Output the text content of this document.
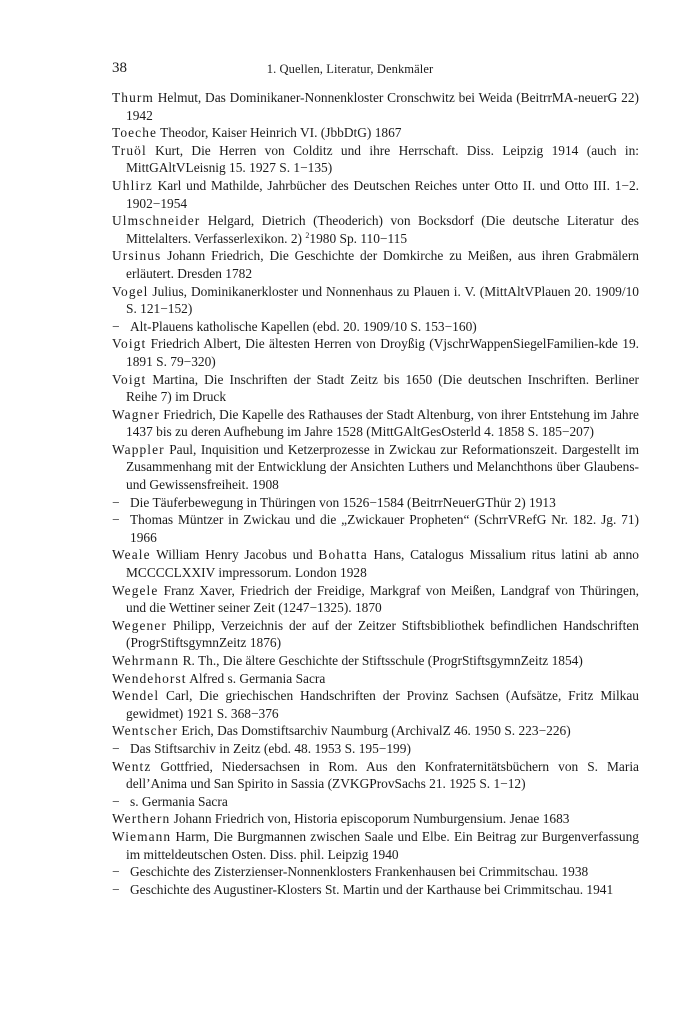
38	1. Quellen, Literatur, Denkmäler

Thurm Helmut, Das Dominikaner-Nonnenkloster Cronschwitz bei Weida (BeitrrMA-neuerG 22) 1942

Toeche Theodor, Kaiser Heinrich VI. (JbbDtG) 1867

Truöl Kurt, Die Herren von Colditz und ihre Herrschaft. Diss. Leipzig 1914 (auch in: MittGAltVLeisnig 15. 1927 S. 1−135)

Uhlirz Karl und Mathilde, Jahrbücher des Deutschen Reiches unter Otto II. und Otto III. 1−2. 1902−1954

Ulmschneider Helgard, Dietrich (Theoderich) von Bocksdorf (Die deutsche Literatur des Mittelalters. Verfasserlexikon. 2) $^2$1980 Sp. 110−115

Ursinus Johann Friedrich, Die Geschichte der Domkirche zu Meißen, aus ihren Grabmälern erläutert. Dresden 1782

Vogel Julius, Dominikanerkloster und Nonnenhaus zu Plauen i. V. (MittAltVPlauen 20. 1909/10 S. 121−152)

− Alt-Plauens katholische Kapellen (ebd. 20. 1909/10 S. 153−160)

Voigt Friedrich Albert, Die ältesten Herren von Droyßig (VjschrWappenSiegelFamilien-kde 19. 1891 S. 79−320)

Voigt Martina, Die Inschriften der Stadt Zeitz bis 1650 (Die deutschen Inschriften. Berliner Reihe 7) im Druck

Wagner Friedrich, Die Kapelle des Rathauses der Stadt Altenburg, von ihrer Entstehung im Jahre 1437 bis zu deren Aufhebung im Jahre 1528 (MittGAltGesOsterld 4. 1858 S. 185−207)

Wappler Paul, Inquisition und Ketzerprozesse in Zwickau zur Reformationszeit. Dargestellt im Zusammenhang mit der Entwicklung der Ansichten Luthers und Melanchthons über Glaubens- und Gewissensfreiheit. 1908

− Die Täuferbewegung in Thüringen von 1526−1584 (BeitrrNeuerGThür 2) 1913

− Thomas Müntzer in Zwickau und die „Zwickauer Propheten“ (SchrrVRefG Nr. 182. Jg. 71) 1966

Weale William Henry Jacobus und Bohatta Hans, Catalogus Missalium ritus latini ab anno MCCCCLXXIV impressorum. London 1928

Wegele Franz Xaver, Friedrich der Freidige, Markgraf von Meißen, Landgraf von Thüringen, und die Wettiner seiner Zeit (1247−1325). 1870

Wegener Philipp, Verzeichnis der auf der Zeitzer Stiftsbibliothek befindlichen Handschriften (ProgrStiftsgymnZeitz 1876)

Wehrmann R. Th., Die ältere Geschichte der Stiftsschule (ProgrStiftsgymnZeitz 1854)

Wendehorst Alfred s. Germania Sacra

Wendel Carl, Die griechischen Handschriften der Provinz Sachsen (Aufsätze, Fritz Milkau gewidmet) 1921 S. 368−376

Wentscher Erich, Das Domstiftsarchiv Naumburg (ArchivalZ 46. 1950 S. 223−226)

− Das Stiftsarchiv in Zeitz (ebd. 48. 1953 S. 195−199)

Wentz Gottfried, Niedersachsen in Rom. Aus den Konfraternitätsbüchern von S. Maria dell’Anima und San Spirito in Sassia (ZVKGProvSachs 21. 1925 S. 1−12)

− s. Germania Sacra

Werthern Johann Friedrich von, Historia episcoporum Numburgensium. Jenae 1683

Wiemann Harm, Die Burgmannen zwischen Saale und Elbe. Ein Beitrag zur Burgenverfassung im mitteldeutschen Osten. Diss. phil. Leipzig 1940

− Geschichte des Zisterzienser-Nonnenklosters Frankenhausen bei Crimmitschau. 1938

− Geschichte des Augustiner-Klosters St. Martin und der Karthause bei Crimmitschau. 1941
